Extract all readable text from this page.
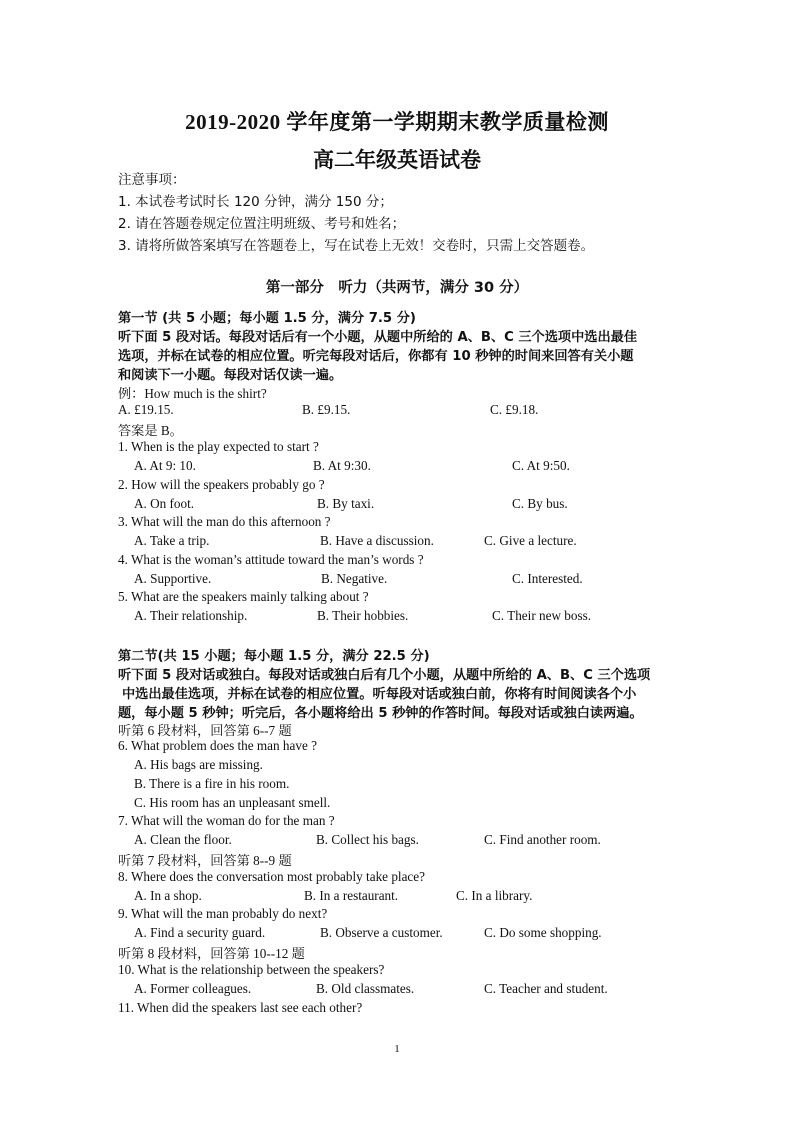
2019-2020 学年度第一学期期末教学质量检测
高二年级英语试卷
注意事项：
1. 本试卷考试时长 120 分钟，满分 150 分；
2. 请在答题卷规定位置注明班级、考号和姓名；
3. 请将所做答案填写在答题卷上，写在试卷上无效！交卷时，只需上交答题卷。
第一部分　听力（共两节，满分 30 分）
第一节 (共 5 小题；每小题 1.5 分，满分 7.5 分)
听下面 5 段对话。每段对话后有一个小题，从题中所给的 A、B、C 三个选项中选出最佳
选项，并标在试卷的相应位置。听完每段对话后，你都有 10 秒钟的时间来回答有关小题
和阅读下一小题。每段对话仅读一遍。
例：How much is the shirt?
A. £19.15.	B. £9.15.	C. £9.18.
答案是 B。
1. When is the play expected to start ?
A. At 9: 10.	B. At 9:30.	C. At 9:50.
2. How will the speakers probably go ?
A. On foot.	B. By taxi.	C. By bus.
3. What will the man do this afternoon ?
A. Take a trip.	B. Have a discussion.	C. Give a lecture.
4. What is the woman’s attitude toward the man’s words ?
A. Supportive.	B. Negative.	C. Interested.
5. What are the speakers mainly talking about ?
A. Their relationship.	B. Their hobbies.	C. Their new boss.
第二节(共 15 小题；每小题 1.5 分，满分 22.5 分)
听下面 5 段对话或独白。每段对话或独白后有几个小题，从题中所给的 A、B、C 三个选项
中选出最佳选项，并标在试卷的相应位置。听每段对话或独白前，你将有时间阅读各个小
题，每小题 5 秒钟；听完后，各小题将给出 5 秒钟的作答时间。每段对话或独白读两遍。
听第 6 段材料，回答第 6--7 题
6. What problem does the man have ?
A. His bags are missing.
B. There is a fire in his room.
C. His room has an unpleasant smell.
7. What will the woman do for the man ?
A. Clean the floor.	B. Collect his bags.	C. Find another room.
听第 7 段材料，回答第 8--9 题
8. Where does the conversation most probably take place?
A. In a shop.	B. In a restaurant.	C. In a library.
9. What will the man probably do next?
A. Find a security guard.	B. Observe a customer.	C. Do some shopping.
听第 8 段材料，回答第 10--12 题
10. What is the relationship between the speakers?
A. Former colleagues.	B. Old classmates.	C. Teacher and student.
11. When did the speakers last see each other?
1
